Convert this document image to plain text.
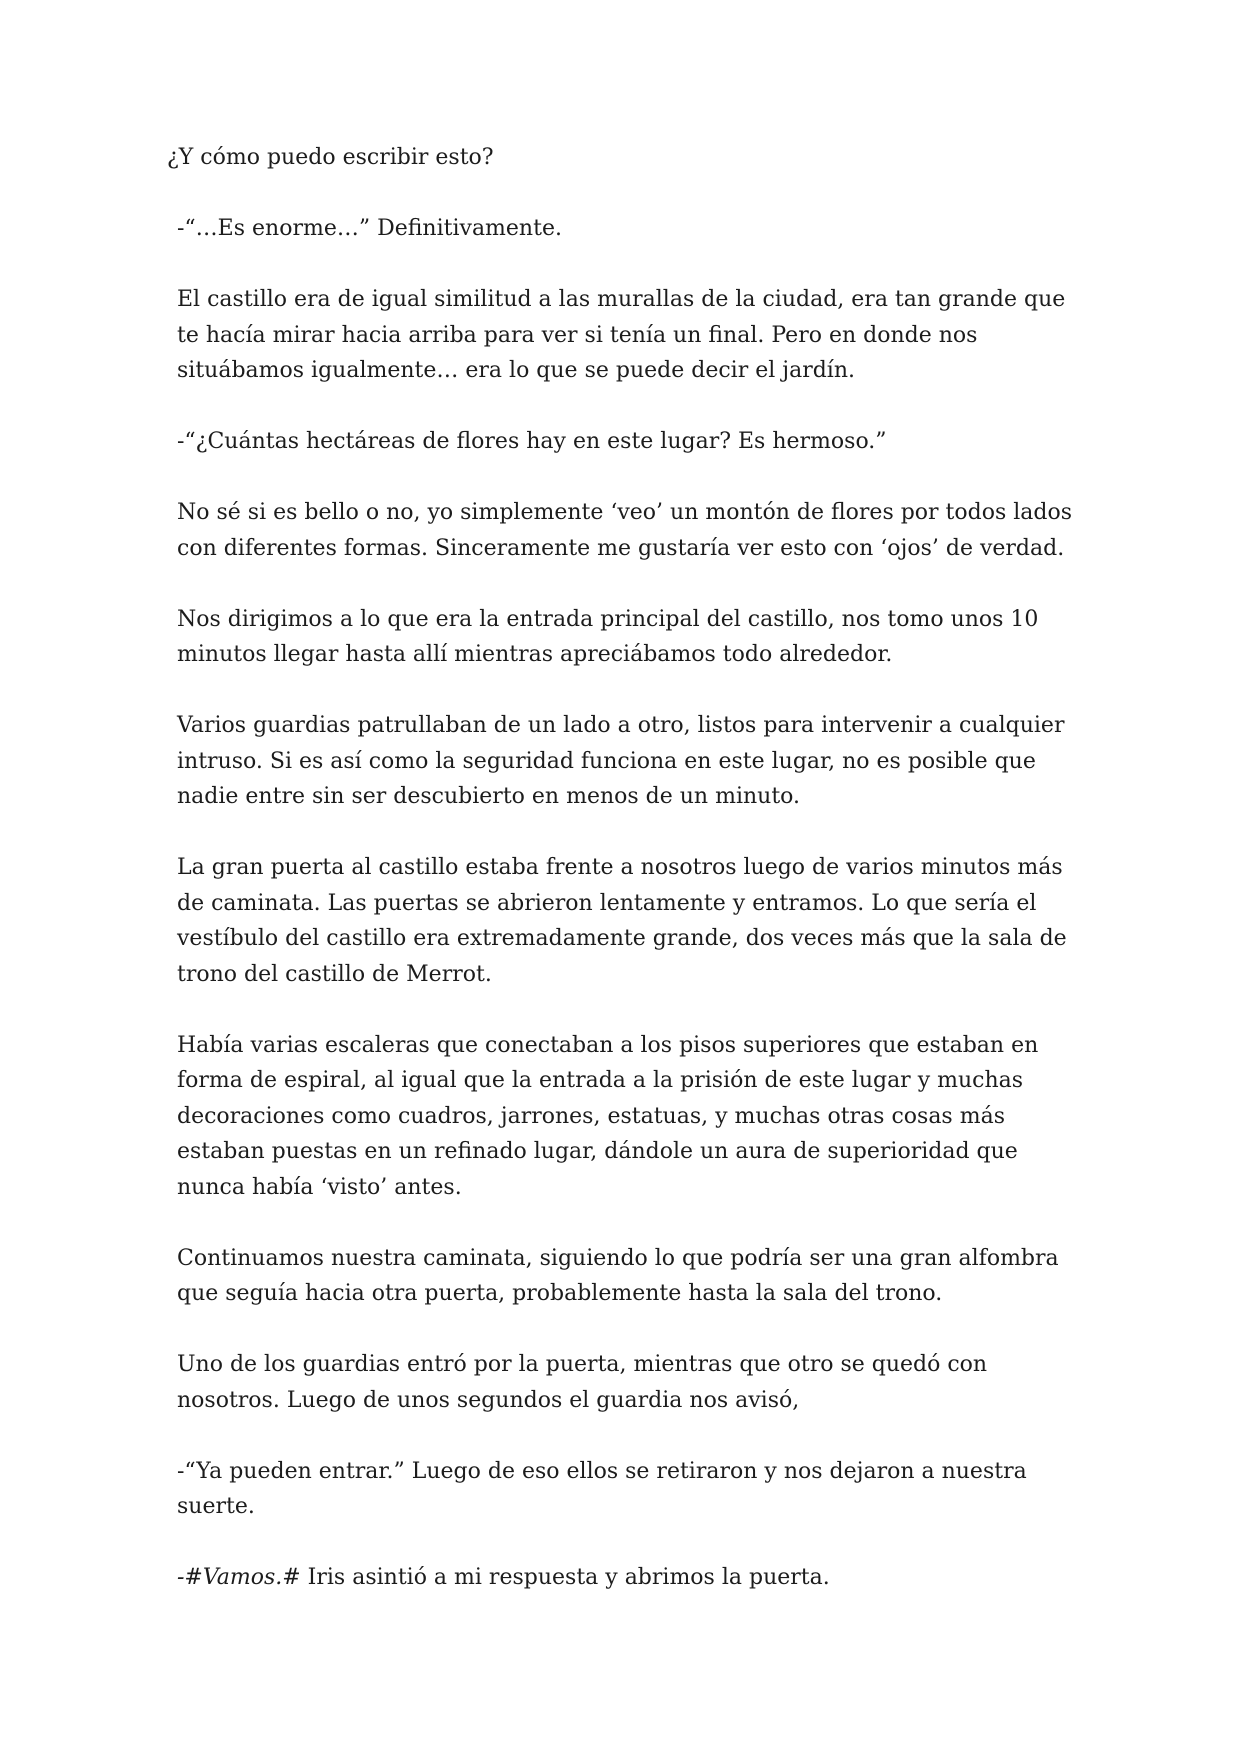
¿Y cómo puedo escribir esto?

-“…Es enorme…” Definitivamente.

El castillo era de igual similitud a las murallas de la ciudad, era tan grande que te hacía mirar hacia arriba para ver si tenía un final. Pero en donde nos situábamos igualmente… era lo que se puede decir el jardín.

-“¿Cuántas hectáreas de flores hay en este lugar? Es hermoso.”

No sé si es bello o no, yo simplemente ‘veo’ un montón de flores por todos lados con diferentes formas. Sinceramente me gustaría ver esto con ‘ojos’ de verdad.

Nos dirigimos a lo que era la entrada principal del castillo, nos tomo unos 10 minutos llegar hasta allí mientras apreciábamos todo alrededor.

Varios guardias patrullaban de un lado a otro, listos para intervenir a cualquier intruso. Si es así como la seguridad funciona en este lugar, no es posible que nadie entre sin ser descubierto en menos de un minuto.

La gran puerta al castillo estaba frente a nosotros luego de varios minutos más de caminata. Las puertas se abrieron lentamente y entramos. Lo que sería el vestíbulo del castillo era extremadamente grande, dos veces más que la sala de trono del castillo de Merrot.

Había varias escaleras que conectaban a los pisos superiores que estaban en forma de espiral, al igual que la entrada a la prisión de este lugar y muchas decoraciones como cuadros, jarrones, estatuas, y muchas otras cosas más estaban puestas en un refinado lugar, dándole un aura de superioridad que nunca había ‘visto’ antes.

Continuamos nuestra caminata, siguiendo lo que podría ser una gran alfombra que seguía hacia otra puerta, probablemente hasta la sala del trono.

Uno de los guardias entró por la puerta, mientras que otro se quedó con nosotros. Luego de unos segundos el guardia nos avisó,

-“Ya pueden entrar.” Luego de eso ellos se retiraron y nos dejaron a nuestra suerte.

-#Vamos.# Iris asintió a mi respuesta y abrimos la puerta.
